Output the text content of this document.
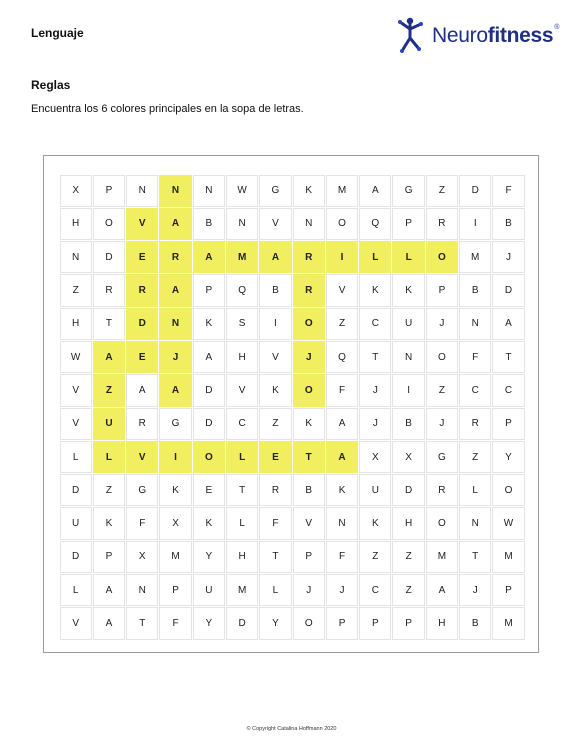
Lenguaje	Neurofitness®
Reglas
Encuentra los 6 colores principales en la sopa de letras.
X	P	N	N	N	W	G	K	M	A	G	Z	D	F
H	O	V	A	B	N	V	N	O	Q	P	R	I	B
N	D	E	R	A	M	A	R	I	L	L	O	M	J
Z	R	R	A	P	Q	B	R	V	K	K	P	B	D
H	T	D	N	K	S	I	O	Z	C	U	J	N	A
W	A	E	J	A	H	V	J	Q	T	N	O	F	T
V	Z	A	A	D	V	K	O	F	J	I	Z	C	C
V	U	R	G	D	C	Z	K	A	J	B	J	R	P
L	L	V	I	O	L	E	T	A	X	X	G	Z	Y
D	Z	G	K	E	T	R	B	K	U	D	R	L	O
U	K	F	X	K	L	F	V	N	K	H	O	N	W
D	P	X	M	Y	H	T	P	F	Z	Z	M	T	M
L	A	N	P	U	M	L	J	J	C	Z	A	J	P
V	A	T	F	Y	D	Y	O	P	P	P	H	B	M
© Copyright Catalina Hoffmann 2020
